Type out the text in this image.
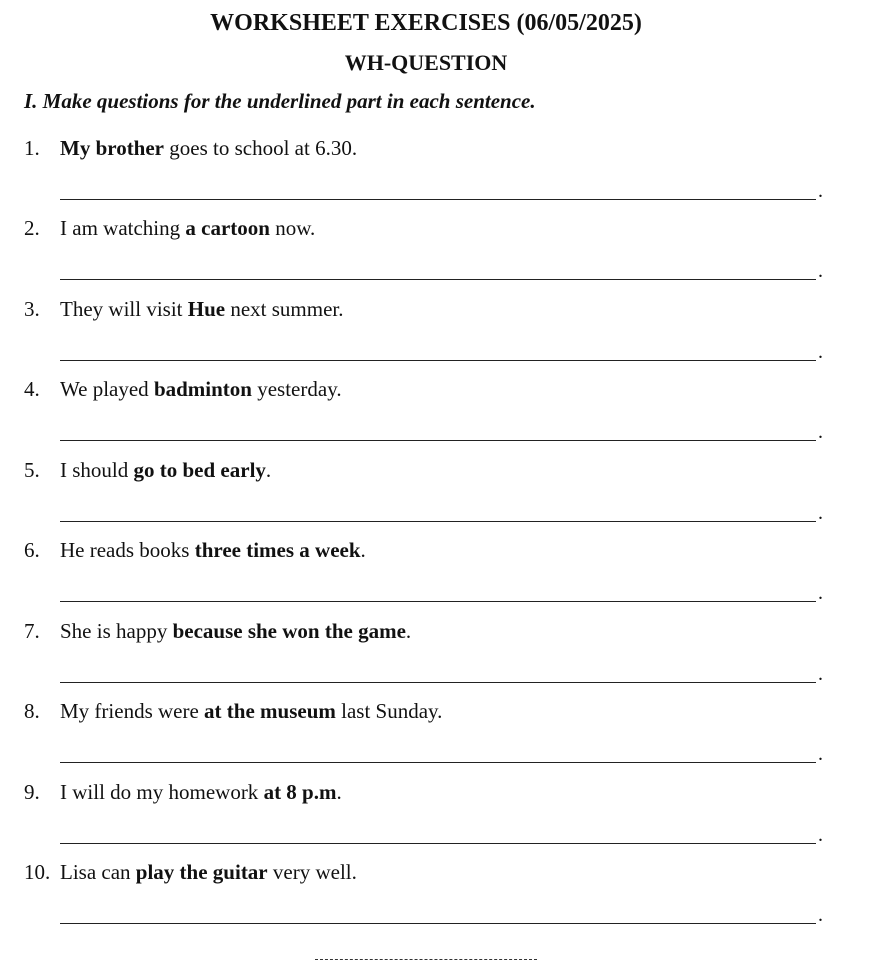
WORKSHEET EXERCISES (06/05/2025)
WH-QUESTION

I. Make questions for the underlined part in each sentence.

1. My brother goes to school at 6.30.
.
2. I am watching a cartoon now.
.
3. They will visit Hue next summer.
.
4. We played badminton yesterday.
.
5. I should go to bed early.
.
6. He reads books three times a week.
.
7. She is happy because she won the game.
.
8. My friends were at the museum last Sunday.
.
9. I will do my homework at 8 p.m.
.
10. Lisa can play the guitar very well.
.
